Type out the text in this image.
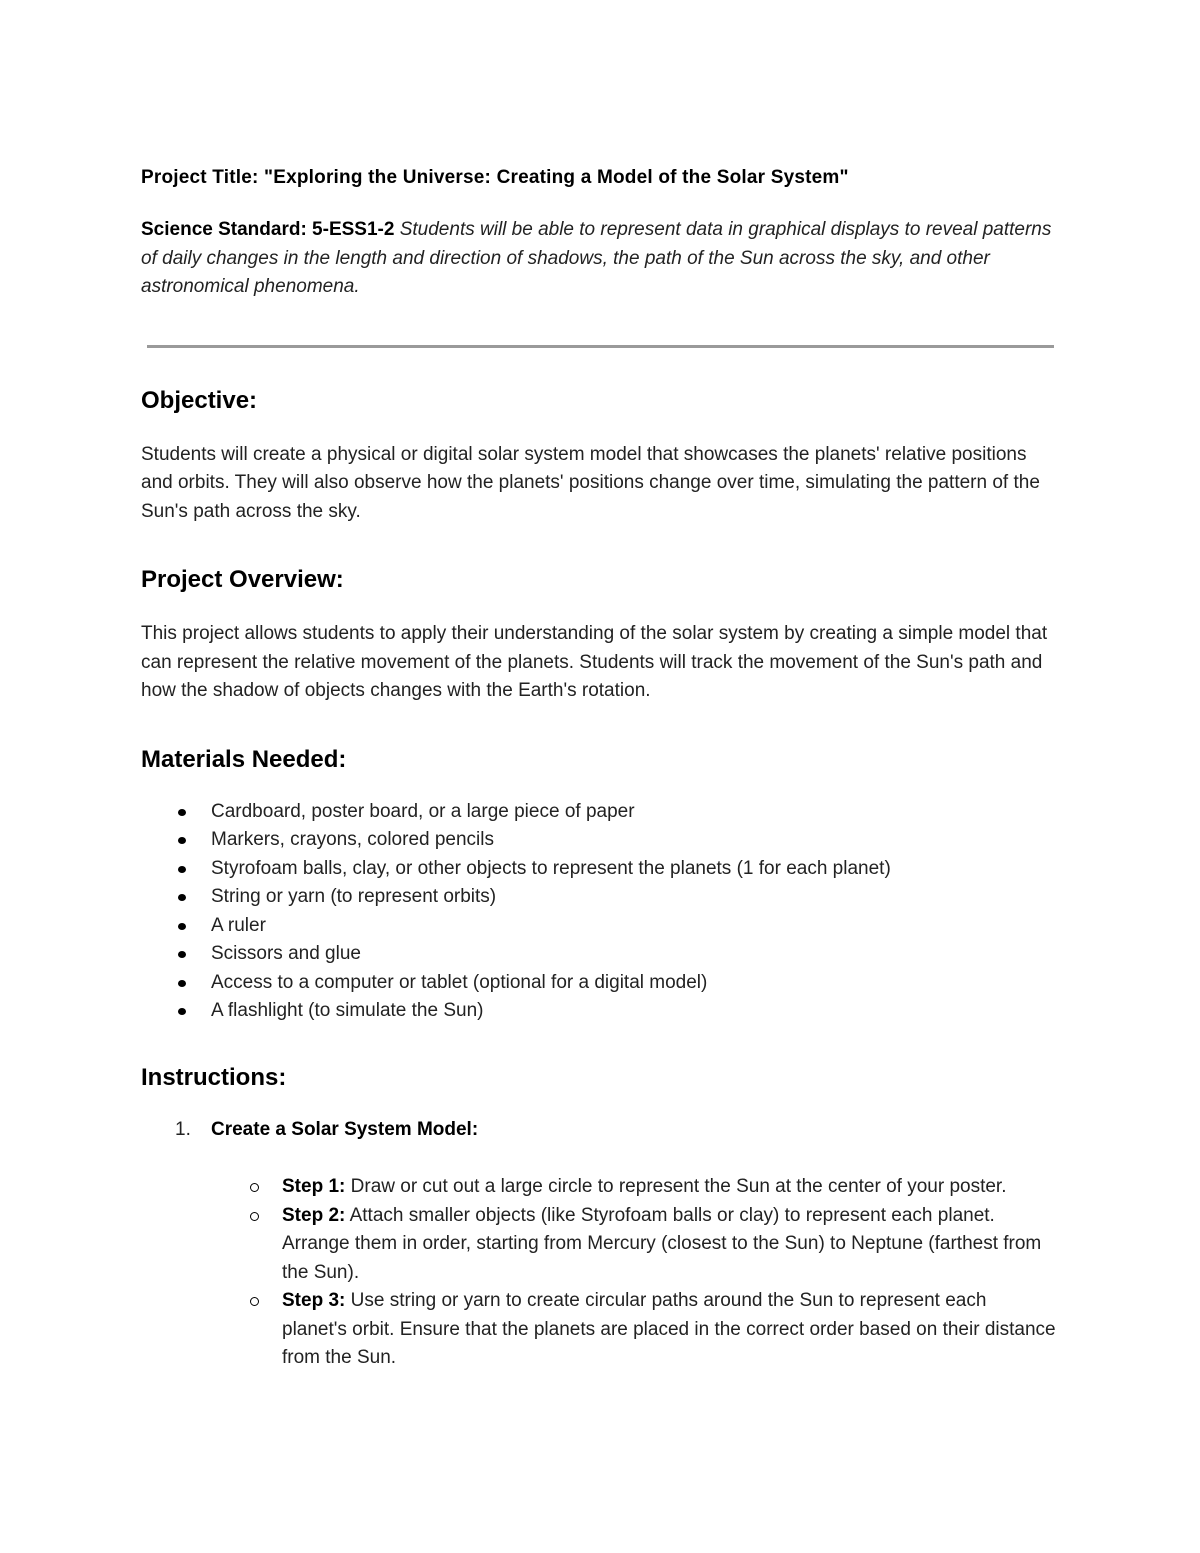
Project Title: "Exploring the Universe: Creating a Model of the Solar System"

Science Standard: 5-ESS1-2 Students will be able to represent data in graphical displays to reveal patterns of daily changes in the length and direction of shadows, the path of the Sun across the sky, and other astronomical phenomena.

Objective:

Students will create a physical or digital solar system model that showcases the planets' relative positions and orbits. They will also observe how the planets' positions change over time, simulating the pattern of the Sun's path across the sky.

Project Overview:

This project allows students to apply their understanding of the solar system by creating a simple model that can represent the relative movement of the planets. Students will track the movement of the Sun's path and how the shadow of objects changes with the Earth's rotation.

Materials Needed:
Cardboard, poster board, or a large piece of paper
Markers, crayons, colored pencils
Styrofoam balls, clay, or other objects to represent the planets (1 for each planet)
String or yarn (to represent orbits)
A ruler
Scissors and glue
Access to a computer or tablet (optional for a digital model)
A flashlight (to simulate the Sun)
Instructions:
1. Create a Solar System Model:
Step 1: Draw or cut out a large circle to represent the Sun at the center of your poster.
Step 2: Attach smaller objects (like Styrofoam balls or clay) to represent each planet. Arrange them in order, starting from Mercury (closest to the Sun) to Neptune (farthest from the Sun).
Step 3: Use string or yarn to create circular paths around the Sun to represent each planet's orbit. Ensure that the planets are placed in the correct order based on their distance from the Sun.
